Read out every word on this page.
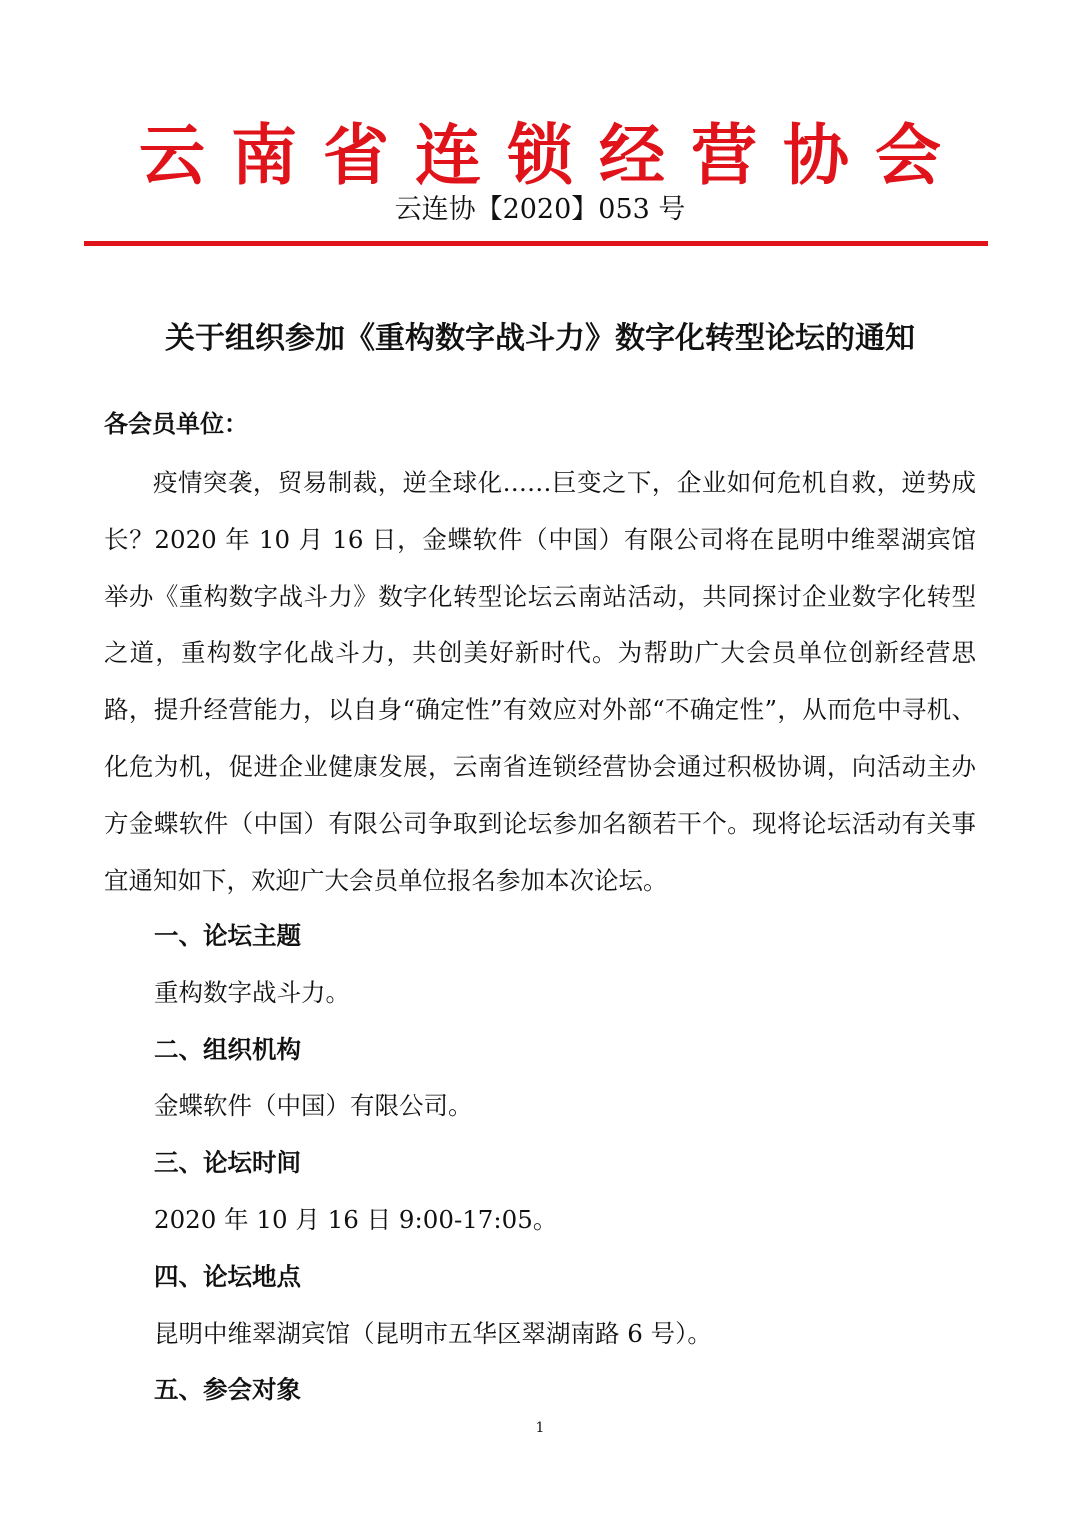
云南省连锁经营协会
云连协【2020】053 号
关于组织参加《重构数字战斗力》数字化转型论坛的通知
各会员单位：

疫情突袭，贸易制裁，逆全球化……巨变之下，企业如何危机自救，逆势成长？2020 年 10 月 16 日，金蝶软件（中国）有限公司将在昆明中维翠湖宾馆举办《重构数字战斗力》数字化转型论坛云南站活动，共同探讨企业数字化转型之道，重构数字化战斗力，共创美好新时代。为帮助广大会员单位创新经营思路，提升经营能力，以自身“确定性”有效应对外部“不确定性”，从而危中寻机、化危为机，促进企业健康发展，云南省连锁经营协会通过积极协调，向活动主办方金蝶软件（中国）有限公司争取到论坛参加名额若干个。现将论坛活动有关事宜通知如下，欢迎广大会员单位报名参加本次论坛。

一、论坛主题
重构数字战斗力。
二、组织机构
金蝶软件（中国）有限公司。
三、论坛时间
2020 年 10 月 16 日 9:00-17:05。
四、论坛地点
昆明中维翠湖宾馆（昆明市五华区翠湖南路 6 号）。
五、参会对象
1
